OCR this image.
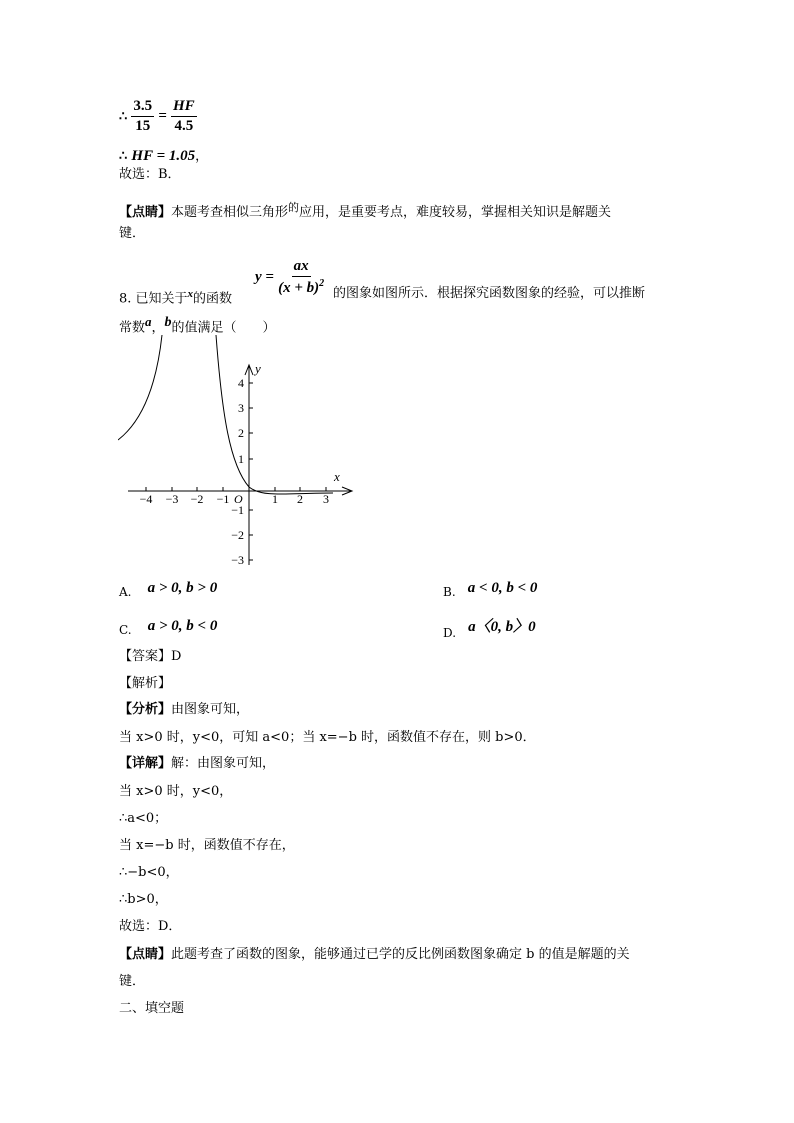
∴ $\frac{3.5}{15} = \frac{HF}{4.5}$
∴ HF = 1.05，
故选：B．
【点睛】本题考查相似三角形$^的$应用，是重要考点，难度较易，掌握相关知识是解题关
键．
$y = \frac{ax}{(x + b)^2}$
8. 已知关于$^x$的函数	的图象如图所示．根据探究函数图象的经验，可以推断
常数$^a$，$^b$的值满足（　　）
−4 −3 −2 −1	1 2 3
4
3
2
1
−1
−2
−3
x
y
O
A. a > 0, b > 0	B. a < 0, b < 0
C. a > 0, b < 0	D. a〈0, b〉0
【答案】D
【解析】
【分析】由图象可知，
当 x>0 时，y<0，可知 a<0；当 x=−b 时，函数值不存在，则 b>0．
【详解】解：由图象可知，
当 x>0 时，y<0，
∴a<0；
当 x=−b 时，函数值不存在，
∴−b<0，
∴b>0，
故选：D．
【点睛】此题考查了函数的图象，能够通过已学的反比例函数图象确定 b 的值是解题的关
键．
二、填空题
